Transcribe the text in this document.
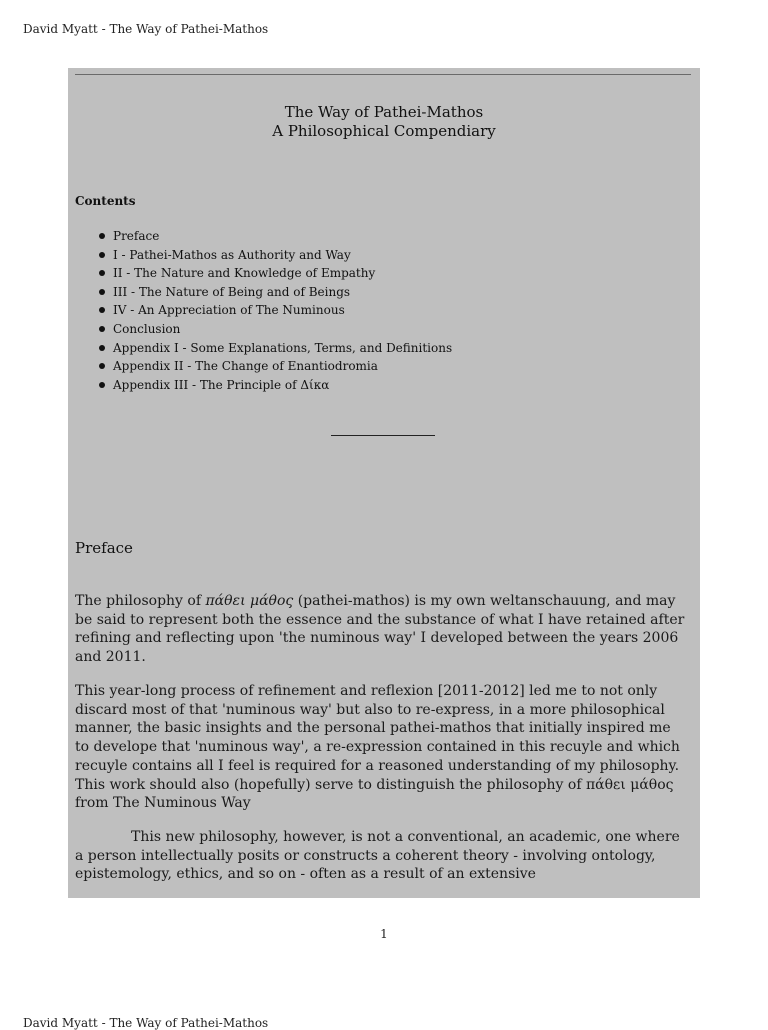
David Myatt - The Way of Pathei-Mathos
The Way of Pathei-Mathos
A Philosophical Compendiary
Contents
Preface
I - Pathei-Mathos as Authority and Way
II - The Nature and Knowledge of Empathy
III - The Nature of Being and of Beings
IV - An Appreciation of The Numinous
Conclusion
Appendix I - Some Explanations, Terms, and Definitions
Appendix II - The Change of Enantiodromia
Appendix III - The Principle of Δίκα
Preface

The philosophy of πάθει μάθος (pathei-mathos) is my own weltanschauung, and may be said to represent both the essence and the substance of what I have retained after refining and reflecting upon 'the numinous way' I developed between the years 2006 and 2011.

This year-long process of refinement and reflexion [2011-2012] led me to not only discard most of that 'numinous way' but also to re-express, in a more philosophical manner, the basic insights and the personal pathei-mathos that initially inspired me to develope that 'numinous way', a re-expression contained in this recuyle and which recuyle contains all I feel is required for a reasoned understanding of my philosophy. This work should also (hopefully) serve to distinguish the philosophy of πάθει μάθος from The Numinous Way

This new philosophy, however, is not a conventional, an academic, one where a person intellectually posits or constructs a coherent theory - involving ontology, epistemology, ethics, and so on - often as a result of an extensive

1
David Myatt - The Way of Pathei-Mathos
